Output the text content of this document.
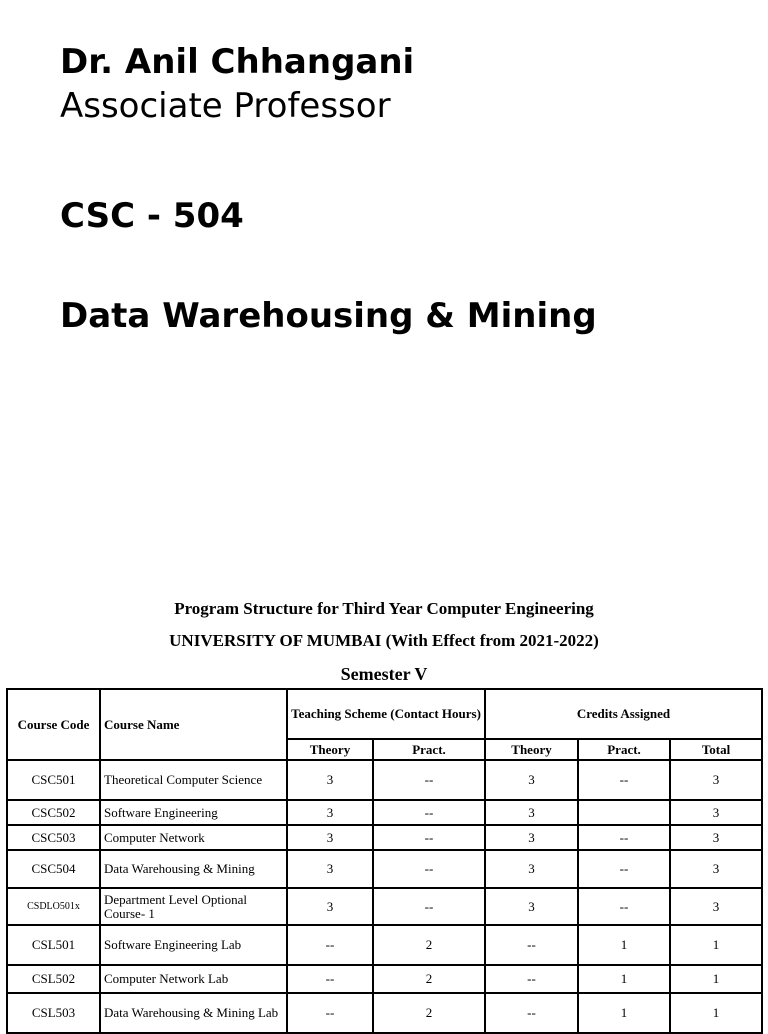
Dr. Anil Chhangani

Associate Professor

CSC - 504

Data Warehousing & Mining

Program Structure for Third Year Computer Engineering
UNIVERSITY OF MUMBAI (With Effect from 2021-2022)
Semester V
Course Code	Course Name	Teaching Scheme (Contact Hours)		Credits Assigned		
		Theory	Pract.	Theory	Pract.	Total
CSC501	Theoretical Computer Science	3	--	3	--	3
CSC502	Software Engineering	3	--	3		3
CSC503	Computer Network	3	--	3	--	3
CSC504	Data Warehousing & Mining	3	--	3	--	3
CSDLO501x	Department Level Optional Course- 1	3	--	3	--	3
CSL501	Software Engineering Lab	--	2	--	1	1
CSL502	Computer Network Lab	--	2	--	1	1
CSL503	Data Warehousing & Mining Lab	--	2	--	1	1
